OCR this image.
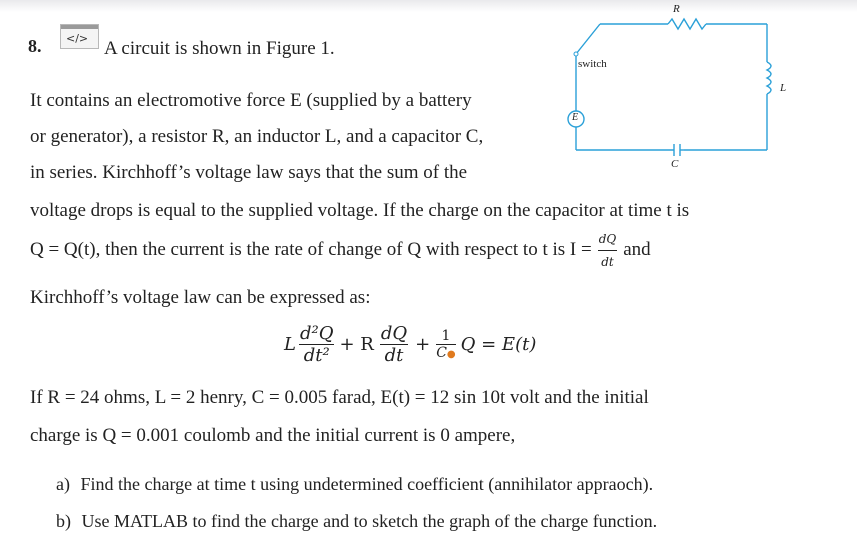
8. </> A circuit is shown in Figure 1.
R
L
C
E
switch
It contains an electromotive force E (supplied by a battery
or generator), a resistor R, an inductor L, and a capacitor C,
in series. Kirchhoff’s voltage law says that the sum of the
voltage drops is equal to the supplied voltage. If the charge on the capacitor at time t is
Q = Q(t), then the current is the rate of change of Q with respect to t is $I = \frac{dQ}{dt}$ and
Kirchhoff’s voltage law can be expressed as:
L $\frac{\text{d²Q}}{\text{dt²}} + R \frac{dQ}{dt} + \frac{1}{C●}$ Q = E(t)
If R = 24 ohms, L = 2 henry, C = 0.005 farad, E(t) = 12 sin 10t volt and the initial
charge is Q = 0.001 coulomb and the initial current is 0 ampere,
a) Find the charge at time t using undetermined coefficient (annihilator appraoch).
b) Use MATLAB to find the charge and to sketch the graph of the charge function.
